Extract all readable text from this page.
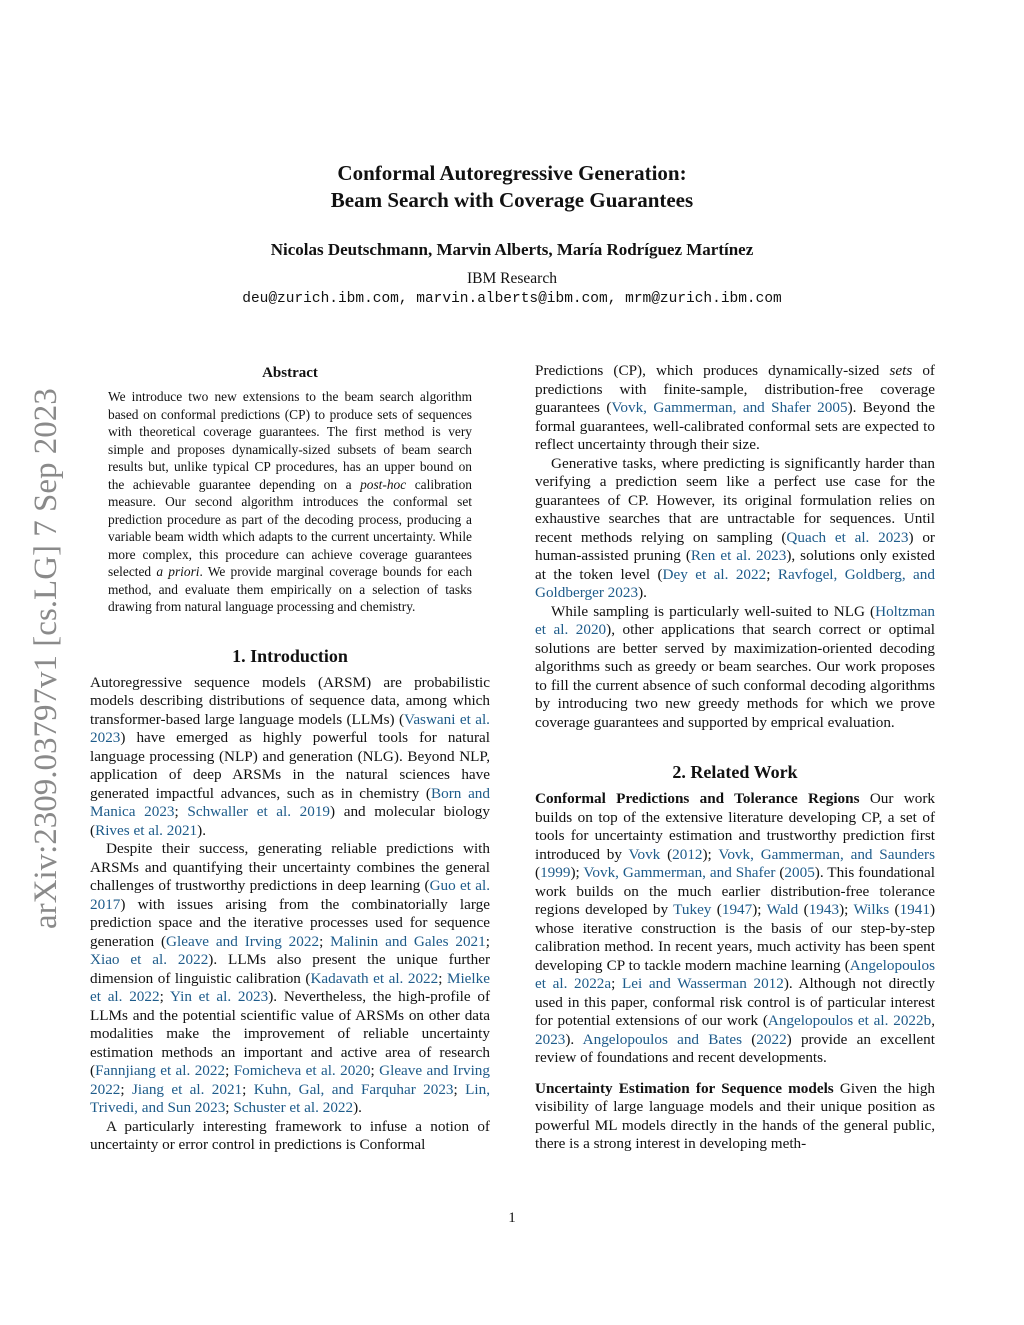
arXiv:2309.03797v1 [cs.LG] 7 Sep 2023
Conformal Autoregressive Generation:
Beam Search with Coverage Guarantees
Nicolas Deutschmann, Marvin Alberts, María Rodríguez Martínez
IBM Research
deu@zurich.ibm.com, marvin.alberts@ibm.com, mrm@zurich.ibm.com
Abstract
We introduce two new extensions to the beam search algorithm based on conformal predictions (CP) to produce sets of sequences with theoretical coverage guarantees. The first method is very simple and proposes dynamically-sized subsets of beam search results but, unlike typical CP procedures, has an upper bound on the achievable guarantee depending on a post-hoc calibration measure. Our second algorithm introduces the conformal set prediction procedure as part of the decoding process, producing a variable beam width which adapts to the current uncertainty. While more complex, this procedure can achieve coverage guarantees selected a priori. We provide marginal coverage bounds for each method, and evaluate them empirically on a selection of tasks drawing from natural language processing and chemistry.
1. Introduction

Autoregressive sequence models (ARSM) are probabilistic models describing distributions of sequence data, among which transformer-based large language models (LLMs) (Vaswani et al. 2023) have emerged as highly powerful tools for natural language processing (NLP) and generation (NLG). Beyond NLP, application of deep ARSMs in the natural sciences have generated impactful advances, such as in chemistry (Born and Manica 2023; Schwaller et al. 2019) and molecular biology (Rives et al. 2021).

Despite their success, generating reliable predictions with ARSMs and quantifying their uncertainty combines the general challenges of trustworthy predictions in deep learning (Guo et al. 2017) with issues arising from the combinatorially large prediction space and the iterative processes used for sequence generation (Gleave and Irving 2022; Malinin and Gales 2021; Xiao et al. 2022). LLMs also present the unique further dimension of linguistic calibration (Kadavath et al. 2022; Mielke et al. 2022; Yin et al. 2023). Nevertheless, the high-profile of LLMs and the potential scientific value of ARSMs on other data modalities make the improvement of reliable uncertainty estimation methods an important and active area of research (Fannjiang et al. 2022; Fomicheva et al. 2020; Gleave and Irving 2022; Jiang et al. 2021; Kuhn, Gal, and Farquhar 2023; Lin, Trivedi, and Sun 2023; Schuster et al. 2022).

A particularly interesting framework to infuse a notion of uncertainty or error control in predictions is Conformal

Predictions (CP), which produces dynamically-sized sets of predictions with finite-sample, distribution-free coverage guarantees (Vovk, Gammerman, and Shafer 2005). Beyond the formal guarantees, well-calibrated conformal sets are expected to reflect uncertainty through their size.

Generative tasks, where predicting is significantly harder than verifying a prediction seem like a perfect use case for the guarantees of CP. However, its original formulation relies on exhaustive searches that are untractable for sequences. Until recent methods relying on sampling (Quach et al. 2023) or human-assisted pruning (Ren et al. 2023), solutions only existed at the token level (Dey et al. 2022; Ravfogel, Goldberg, and Goldberger 2023).

While sampling is particularly well-suited to NLG (Holtzman et al. 2020), other applications that search correct or optimal solutions are better served by maximization-oriented decoding algorithms such as greedy or beam searches. Our work proposes to fill the current absence of such conformal decoding algorithms by introducing two new greedy methods for which we prove coverage guarantees and supported by emprical evaluation.

2. Related Work

Conformal Predictions and Tolerance Regions Our work builds on top of the extensive literature developing CP, a set of tools for uncertainty estimation and trustworthy prediction first introduced by Vovk (2012); Vovk, Gammerman, and Saunders (1999); Vovk, Gammerman, and Shafer (2005). This foundational work builds on the much earlier distribution-free tolerance regions developed by Tukey (1947); Wald (1943); Wilks (1941) whose iterative construction is the basis of our step-by-step calibration method. In recent years, much activity has been spent developing CP to tackle modern machine learning (Angelopoulos et al. 2022a; Lei and Wasserman 2012). Although not directly used in this paper, conformal risk control is of particular interest for potential extensions of our work (Angelopoulos et al. 2022b, 2023). Angelopoulos and Bates (2022) provide an excellent review of foundations and recent developments.

Uncertainty Estimation for Sequence models Given the high visibility of large language models and their unique position as powerful ML models directly in the hands of the general public, there is a strong interest in developing meth-

1
